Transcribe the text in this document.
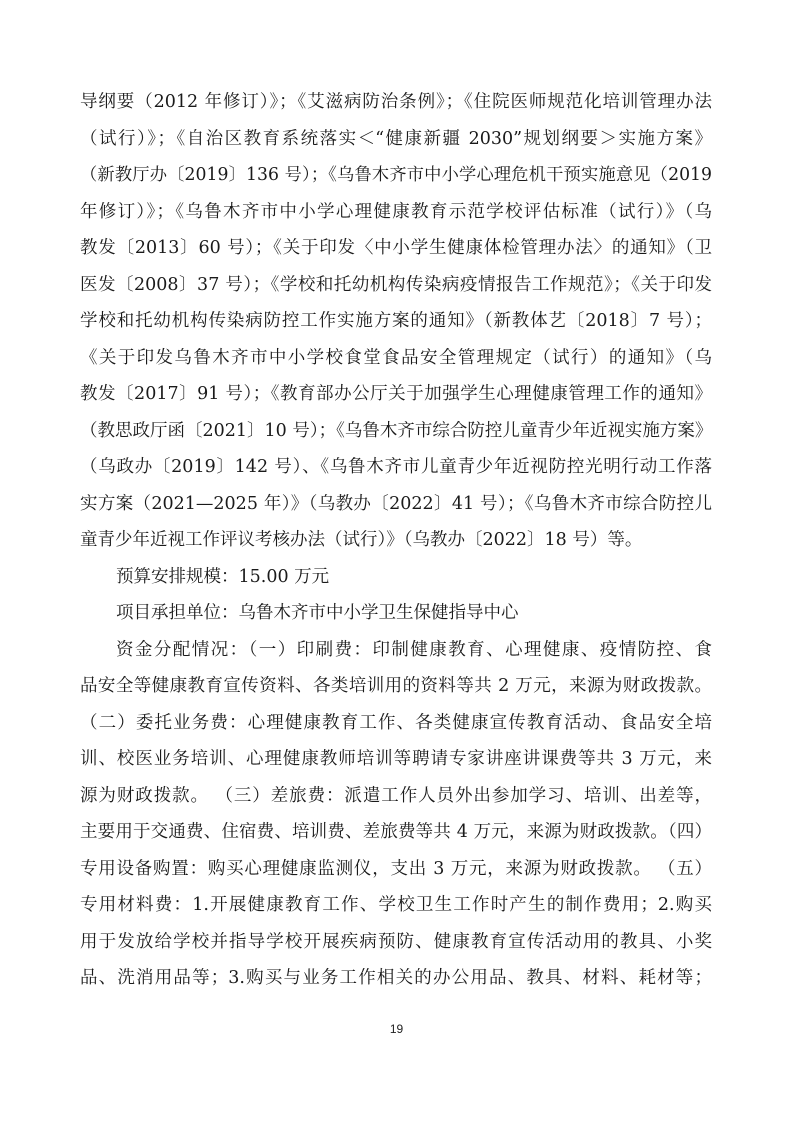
导纲要（2012 年修订）》；《艾滋病防治条例》；《住院医师规范化培训管理办法
（试行）》；《自治区教育系统落实＜“健康新疆 2030”规划纲要＞实施方案》
（新教厅办〔2019〕136 号）；《乌鲁木齐市中小学心理危机干预实施意见（2019
年修订）》；《乌鲁木齐市中小学心理健康教育示范学校评估标准（试行）》（乌
教发〔2013〕60 号）；《关于印发〈中小学生健康体检管理办法〉的通知》（卫
医发〔2008〕37 号）；《学校和托幼机构传染病疫情报告工作规范》；《关于印发
学校和托幼机构传染病防控工作实施方案的通知》（新教体艺〔2018〕7 号）；
《关于印发乌鲁木齐市中小学校食堂食品安全管理规定（试行）的通知》（乌
教发〔2017〕91 号）；《教育部办公厅关于加强学生心理健康管理工作的通知》
（教思政厅函〔2021〕10 号）；《乌鲁木齐市综合防控儿童青少年近视实施方案》
（乌政办〔2019〕142 号）、《乌鲁木齐市儿童青少年近视防控光明行动工作落
实方案（2021—2025 年）》（乌教办〔2022〕41 号）；《乌鲁木齐市综合防控儿
童青少年近视工作评议考核办法（试行）》（乌教办〔2022〕18 号）等。
预算安排规模：15.00 万元
项目承担单位：乌鲁木齐市中小学卫生保健指导中心
资金分配情况：（一）印刷费：印制健康教育、心理健康、疫情防控、食
品安全等健康教育宣传资料、各类培训用的资料等共 2 万元，来源为财政拨款。
（二）委托业务费：心理健康教育工作、各类健康宣传教育活动、食品安全培
训、校医业务培训、心理健康教师培训等聘请专家讲座讲课费等共 3 万元，来
源为财政拨款。 （三）差旅费：派遣工作人员外出参加学习、培训、出差等，
主要用于交通费、住宿费、培训费、差旅费等共 4 万元，来源为财政拨款。（四）
专用设备购置：购买心理健康监测仪，支出 3 万元，来源为财政拨款。 （五）
专用材料费：1.开展健康教育工作、学校卫生工作时产生的制作费用；2.购买
用于发放给学校并指导学校开展疾病预防、健康教育宣传活动用的教具、小奖
品、洗消用品等；3.购买与业务工作相关的办公用品、教具、材料、耗材等；
19
